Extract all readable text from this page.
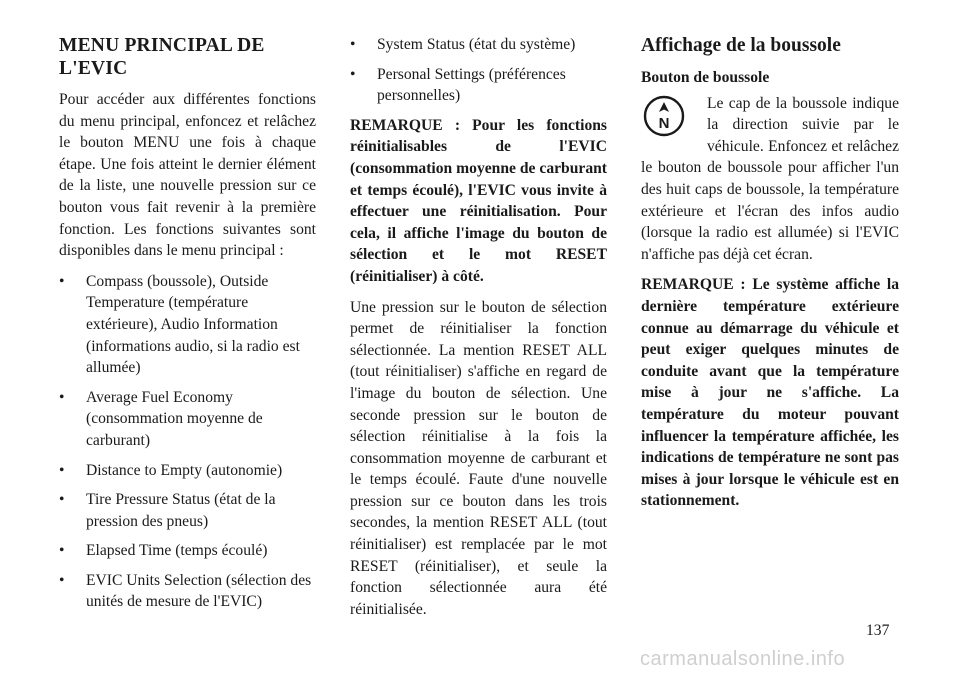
MENU PRINCIPAL DE L'EVIC

Pour accéder aux différentes fonctions du menu principal, enfoncez et relâchez le bouton MENU une fois à chaque étape. Une fois atteint le dernier élément de la liste, une nouvelle pression sur ce bouton vous fait revenir à la première fonction. Les fonctions suivantes sont disponibles dans le menu principal :

• Compass (boussole), Outside Temperature (température extérieure), Audio Information (informations audio, si la radio est allumée)
• Average Fuel Economy (consommation moyenne de carburant)
• Distance to Empty (autonomie)
• Tire Pressure Status (état de la pression des pneus)
• Elapsed Time (temps écoulé)
• EVIC Units Selection (sélection des unités de mesure de l'EVIC)
• System Status (état du système)
• Personal Settings (préférences personnelles)

REMARQUE : Pour les fonctions réinitialisables de l'EVIC (consommation moyenne de carburant et temps écoulé), l'EVIC vous invite à effectuer une réinitialisation. Pour cela, il affiche l'image du bouton de sélection et le mot RESET (réinitialiser) à côté.

Une pression sur le bouton de sélection permet de réinitialiser la fonction sélectionnée. La mention RESET ALL (tout réinitialiser) s'affiche en regard de l'image du bouton de sélection. Une seconde pression sur le bouton de sélection réinitialise à la fois la consommation moyenne de carburant et le temps écoulé. Faute d'une nouvelle pression sur ce bouton dans les trois secondes, la mention RESET ALL (tout réinitialiser) est remplacée par le mot RESET (réinitialiser), et seule la fonction sélectionnée aura été réinitialisée.

Affichage de la boussole
Bouton de boussole
N

Le cap de la boussole indique la direction suivie par le véhicule. Enfoncez et relâchez le bouton de boussole pour afficher l'un des huit caps de boussole, la température extérieure et l'écran des infos audio (lorsque la radio est allumée) si l'EVIC n'affiche pas déjà cet écran.

REMARQUE : Le système affiche la dernière température extérieure connue au démarrage du véhicule et peut exiger quelques minutes de conduite avant que la température mise à jour ne s'affiche. La température du moteur pouvant influencer la température affichée, les indications de température ne sont pas mises à jour lorsque le véhicule est en stationnement.

137
carmanualsonline.info
